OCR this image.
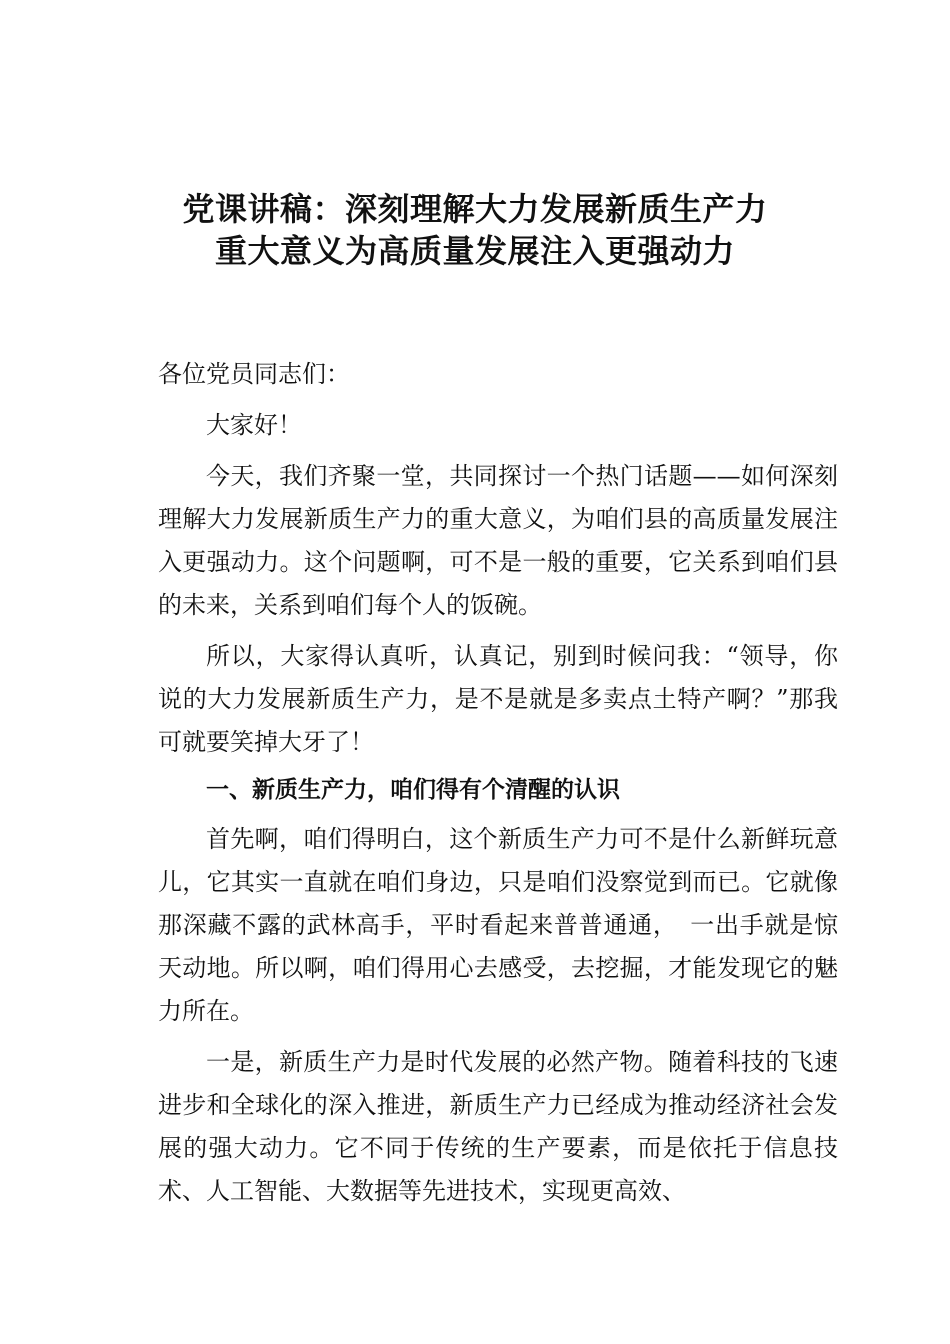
党课讲稿：深刻理解大力发展新质生产力
重大意义为高质量发展注入更强动力

各位党员同志们：

大家好！

今天，我们齐聚一堂，共同探讨一个热门话题——如何深刻理解大力发展新质生产力的重大意义，为咱们县的高质量发展注入更强动力。这个问题啊，可不是一般的重要，它关系到咱们县的未来，关系到咱们每个人的饭碗。

所以，大家得认真听，认真记，别到时候问我：“领导，你说的大力发展新质生产力，是不是就是多卖点土特产啊？”那我可就要笑掉大牙了！

一、新质生产力，咱们得有个清醒的认识

首先啊，咱们得明白，这个新质生产力可不是什么新鲜玩意儿，它其实一直就在咱们身边，只是咱们没察觉到而已。它就像那深藏不露的武林高手，平时看起来普普通通，　一出手就是惊天动地。所以啊，咱们得用心去感受，去挖掘，才能发现它的魅力所在。

一是，新质生产力是时代发展的必然产物。随着科技的飞速进步和全球化的深入推进，新质生产力已经成为推动经济社会发展的强大动力。它不同于传统的生产要素，而是依托于信息技术、人工智能、大数据等先进技术，实现更高效、
